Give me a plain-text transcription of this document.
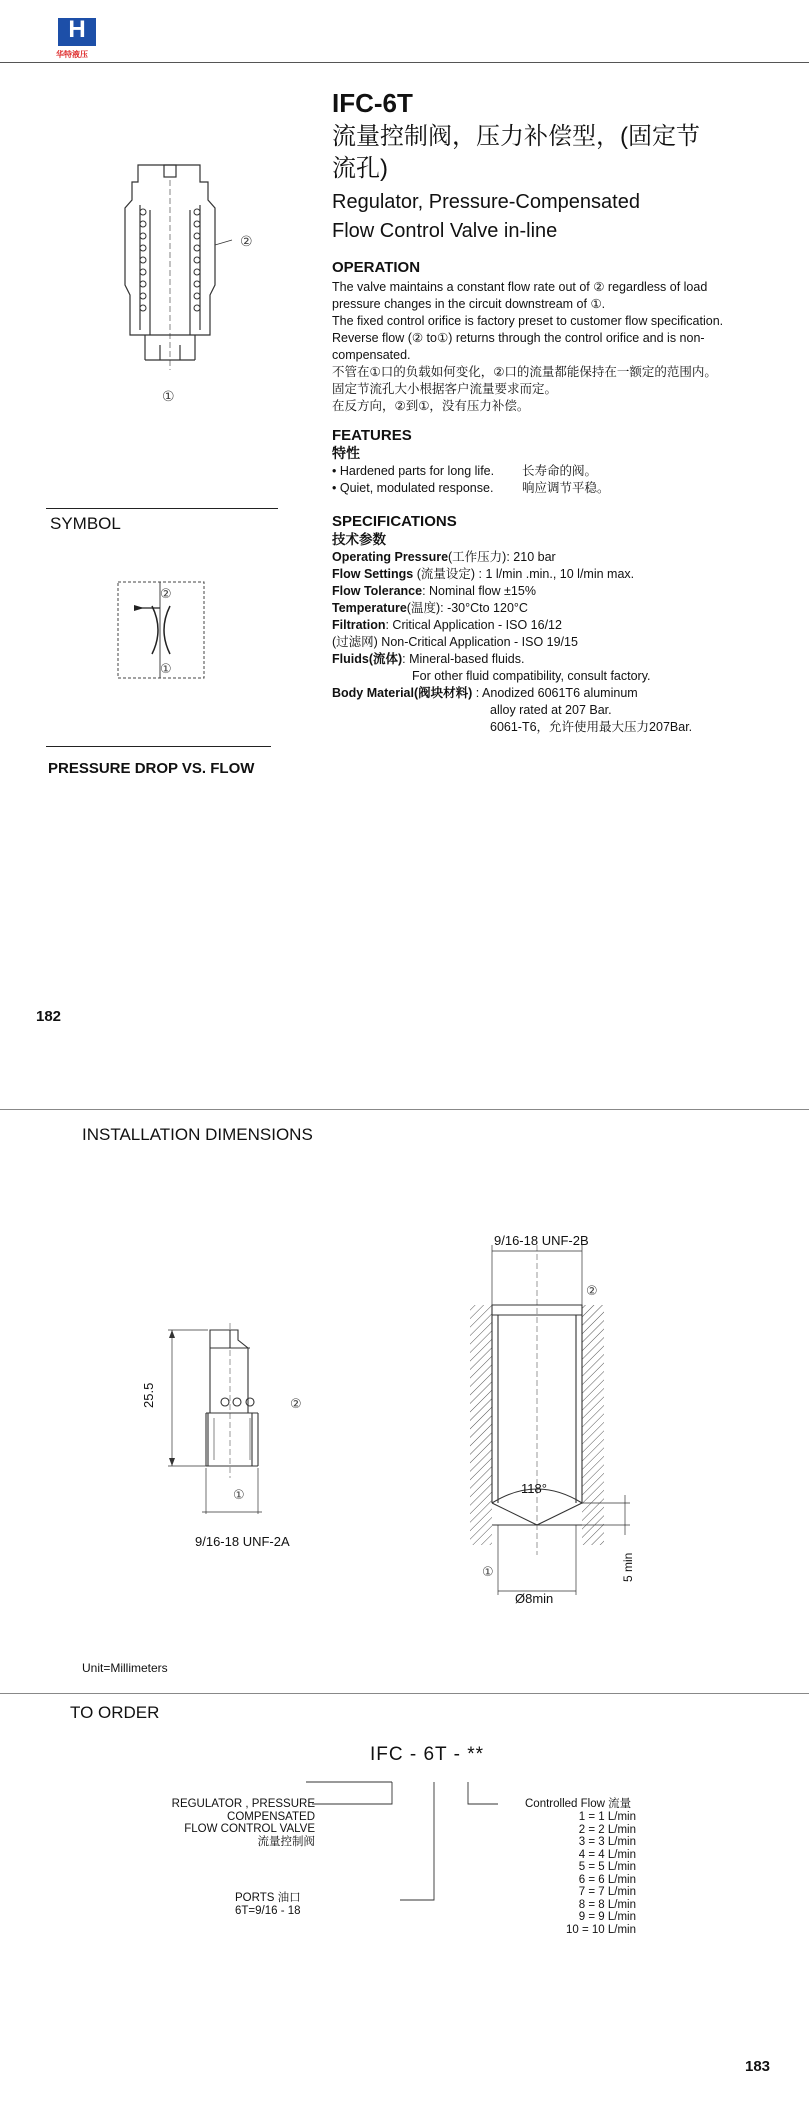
H
华特液压
IFC-6T
流量控制阀，压力补偿型，(固定节
流孔)
Regulator, Pressure-Compensated
Flow Control Valve in-line
②
①
OPERATION
The valve maintains a constant flow rate out of ② regardless of load
pressure changes in the circuit downstream of ①.
The fixed control orifice is factory preset to customer flow specification.
Reverse flow (② to①) returns through the control orifice and is non-
compensated.
不管在①口的负载如何变化，②口的流量都能保持在一额定的范围内。
固定节流孔大小根据客户流量要求而定。
在反方向，②到①，没有压力补偿。
FEATURES
特性
• Hardened parts for long life. 长寿命的阀。
• Quiet, modulated response. 响应调节平稳。
SPECIFICATIONS
技术参数
Operating Pressure(工作压力): 210 bar
Flow Settings (流量设定) : 1 l/min .min., 10 l/min max.
Flow Tolerance: Nominal flow ±15%
Temperature(温度): -30°Cto 120°C
Filtration: Critical Application - ISO 16/12
(过滤网) Non-Critical Application - ISO 19/15
Fluids(流体): Mineral-based fluids.
For other fluid compatibility, consult factory.
Body Material(阀块材料) : Anodized 6061T6 aluminum
alloy rated at 207 Bar.
6061-T6，允许使用最大压力207Bar.
SYMBOL
②
①
PRESSURE DROP VS. FLOW
182
INSTALLATION DIMENSIONS
25.5	②
①
9/16-18 UNF-2A
9/16-18 UNF-2B
②
118°
5 min
①
Ø8min
Unit=Millimeters
TO ORDER
IFC - 6T - **
REGULATOR , PRESSURE
COMPENSATED
FLOW CONTROL VALVE
流量控制阀
PORTS 油口
6T=9/16 - 18
Controlled Flow 流量
1 = 1 L/min
2 = 2 L/min
3 = 3 L/min
4 = 4 L/min
5 = 5 L/min
6 = 6 L/min
7 = 7 L/min
8 = 8 L/min
9 = 9 L/min
10 = 10 L/min
183
